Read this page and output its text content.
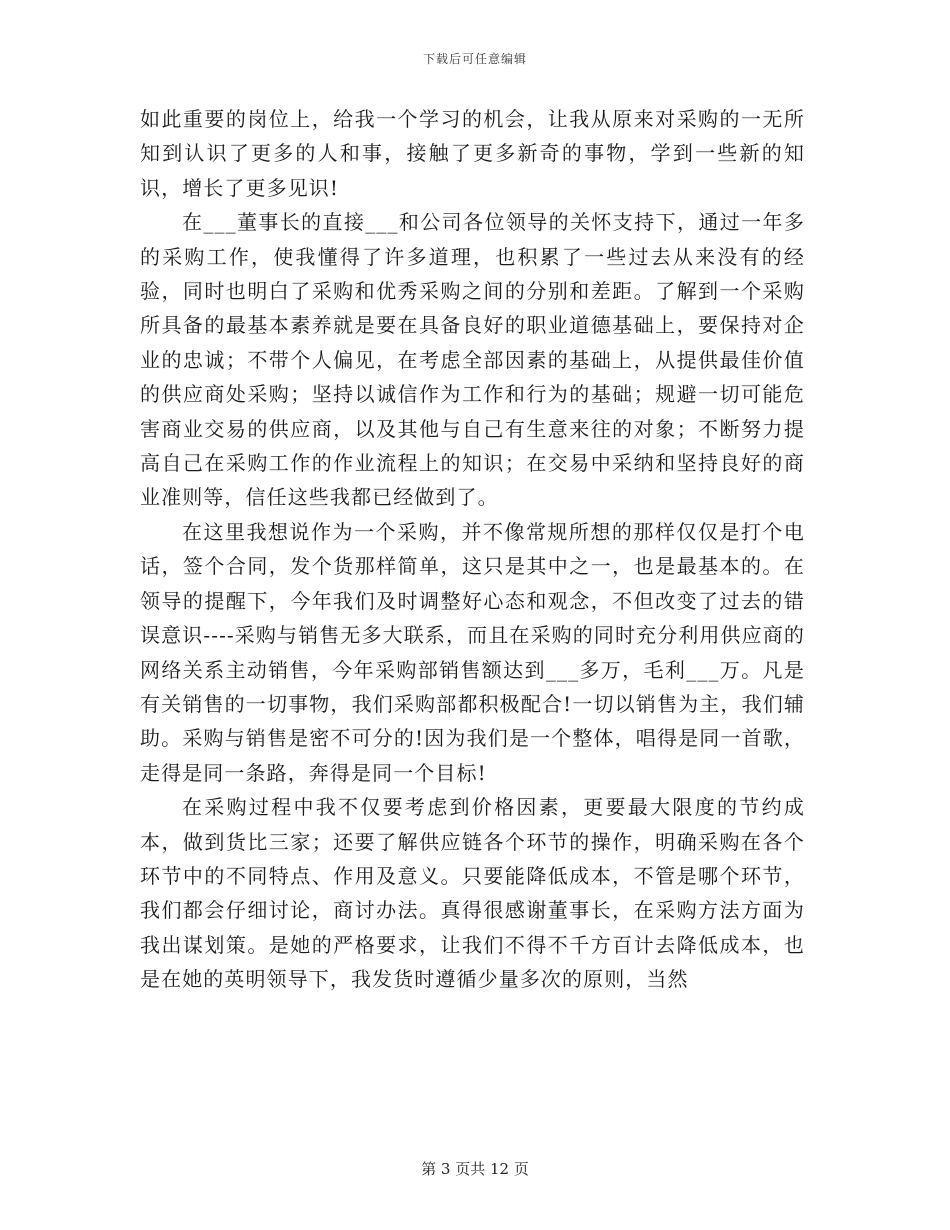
下载后可任意编辑

如此重要的岗位上，给我一个学习的机会，让我从原来对采购的一无所知到认识了更多的人和事，接触了更多新奇的事物，学到一些新的知识，增长了更多见识!

在___董事长的直接___和公司各位领导的关怀支持下，通过一年多的采购工作，使我懂得了许多道理，也积累了一些过去从来没有的经验，同时也明白了采购和优秀采购之间的分别和差距。了解到一个采购所具备的最基本素养就是要在具备良好的职业道德基础上，要保持对企业的忠诚；不带个人偏见，在考虑全部因素的基础上，从提供最佳价值的供应商处采购；坚持以诚信作为工作和行为的基础；规避一切可能危害商业交易的供应商，以及其他与自己有生意来往的对象；不断努力提高自己在采购工作的作业流程上的知识；在交易中采纳和坚持良好的商业准则等，信任这些我都已经做到了。

在这里我想说作为一个采购，并不像常规所想的那样仅仅是打个电话，签个合同，发个货那样简单，这只是其中之一，也是最基本的。在领导的提醒下，今年我们及时调整好心态和观念，不但改变了过去的错误意识----采购与销售无多大联系，而且在采购的同时充分利用供应商的网络关系主动销售，今年采购部销售额达到___多万，毛利___万。凡是有关销售的一切事物，我们采购部都积极配合!一切以销售为主，我们辅助。采购与销售是密不可分的!因为我们是一个整体，唱得是同一首歌，走得是同一条路，奔得是同一个目标!

在采购过程中我不仅要考虑到价格因素，更要最大限度的节约成本，做到货比三家；还要了解供应链各个环节的操作，明确采购在各个环节中的不同特点、作用及意义。只要能降低成本，不管是哪个环节，我们都会仔细讨论，商讨办法。真得很感谢董事长，在采购方法方面为我出谋划策。是她的严格要求，让我们不得不千方百计去降低成本，也是在她的英明领导下，我发货时遵循少量多次的原则，当然

第 3 页共 12 页
